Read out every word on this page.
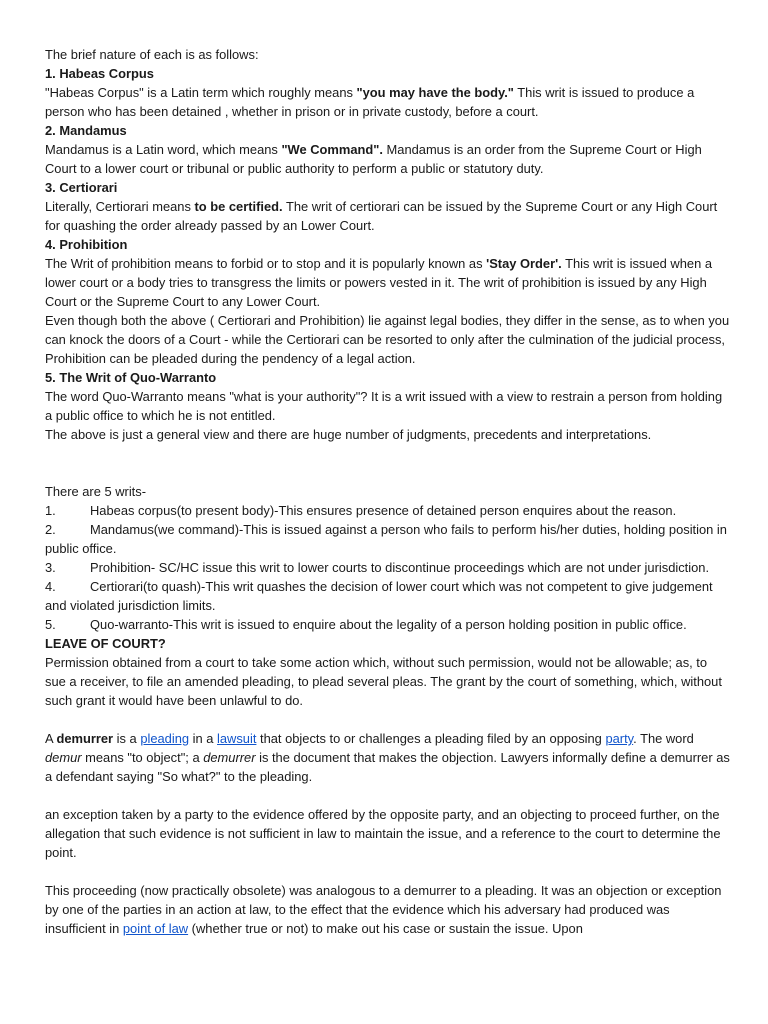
The brief nature of each is as follows:

1. Habeas Corpus

"Habeas Corpus" is a Latin term which roughly means "you may have the body." This writ is issued to produce a person who has been detained , whether in prison or in private custody, before a court.

2. Mandamus

Mandamus is a Latin word, which means "We Command". Mandamus is an order from the Supreme Court or High Court to a lower court or tribunal or public authority to perform a public or statutory duty.

3. Certiorari

Literally, Certiorari means to be certified. The writ of certiorari can be issued by the Supreme Court or any High Court for quashing the order already passed by an Lower Court.

4. Prohibition

The Writ of prohibition means to forbid or to stop and it is popularly known as 'Stay Order'. This writ is issued when a lower court or a body tries to transgress the limits or powers vested in it. The writ of prohibition is issued by any High Court or the Supreme Court to any Lower Court.

Even though both the above ( Certiorari and Prohibition) lie against legal bodies, they differ in the sense, as to when you can knock the doors of a Court - while the Certiorari can be resorted to only after the culmination of the judicial process, Prohibition can be pleaded during the pendency of a legal action.

5. The Writ of Quo-Warranto

The word Quo-Warranto means "what is your authority"? It is a writ issued with a view to restrain a person from holding a public office to which he is not entitled.

The above is just a general view and there are huge number of judgments, precedents and interpretations.

There are 5 writs-

1.	Habeas corpus(to present body)-This ensures presence of detained person enquires about the reason.

2.	Mandamus(we command)-This is issued against a person who fails to perform his/her duties, holding position in public office.

3.	Prohibition- SC/HC issue this writ to lower courts to discontinue proceedings which are not under jurisdiction.

4.	Certiorari(to quash)-This writ quashes the decision of lower court which was not competent to give judgement and violated jurisdiction limits.

5.	Quo-warranto-This writ is issued to enquire about the legality of a person holding position in public office.

LEAVE OF COURT?

Permission obtained from a court to take some action which, without such permission, would not be allowable; as, to sue a receiver, to file an amended pleading, to plead several pleas. The grant by the court of something, which, without such grant it would have been unlawful to do.

A demurrer is a pleading in a lawsuit that objects to or challenges a pleading filed by an opposing party. The word demur means "to object"; a demurrer is the document that makes the objection. Lawyers informally define a demurrer as a defendant saying "So what?" to the pleading.

an exception taken by a party to the evidence offered by the opposite party, and an objecting to proceed further, on the allegation that such evidence is not sufficient in law to maintain the issue, and a reference to the court to determine the point.

This proceeding (now practically obsolete) was analogous to a demurrer to a pleading. It was an objection or exception by one of the parties in an action at law, to the effect that the evidence which his adversary had produced was insufficient in point of law (whether true or not) to make out his case or sustain the issue. Upon
